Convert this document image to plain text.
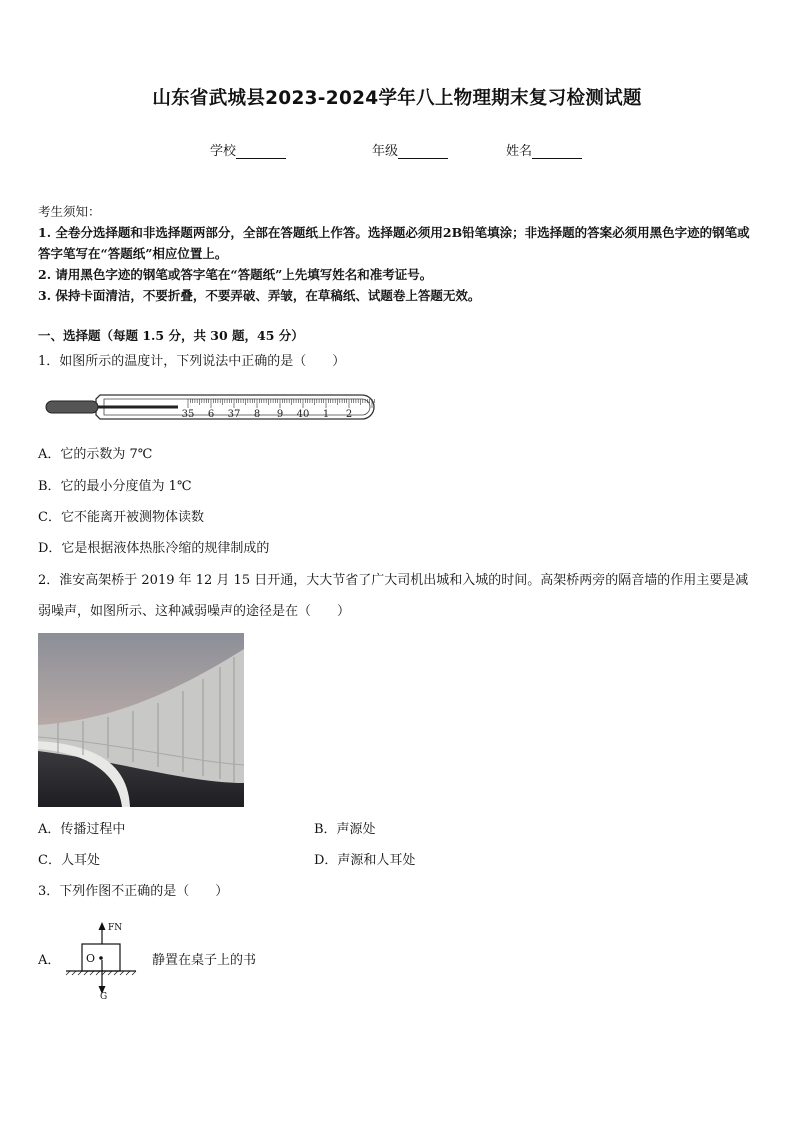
山东省武城县2023-2024学年八上物理期末复习检测试题
学校	年级	姓名
考生须知：
1. 全卷分选择题和非选择题两部分，全部在答题纸上作答。选择题必须用2B铅笔填涂；非选择题的答案必须用黑色字迹的钢笔或答字笔写在“答题纸”相应位置上。
2. 请用黑色字迹的钢笔或答字笔在“答题纸”上先填写姓名和准考证号。
3. 保持卡面清洁，不要折叠，不要弄破、弄皱，在草稿纸、试题卷上答题无效。
一、选择题（每题 1.5 分，共 30 题，45 分）
1．如图所示的温度计，下列说法中正确的是（　　）
35 6 37 8 9 40 1 2
A．它的示数为 7℃
B．它的最小分度值为 1℃
C．它不能离开被测物体读数
D．它是根据液体热胀冷缩的规律制成的
2．淮安高架桥于 2019 年 12 月 15 日开通，大大节省了广大司机出城和入城的时间。高架桥两旁的隔音墙的作用主要是减弱噪声，如图所示、这种减弱噪声的途径是在（　　）
A．传播过程中	B．声源处
C．人耳处	D．声源和人耳处
3．下列作图不正确的是（　　）
A．
FN
O
G
静置在桌子上的书
